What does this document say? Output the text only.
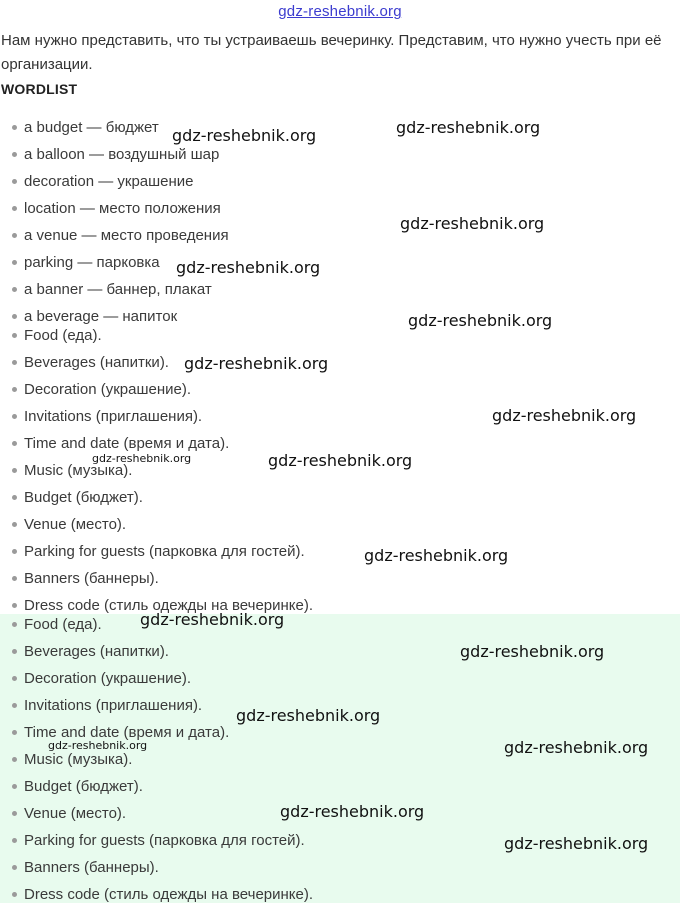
gdz-reshebnik.org
Нам нужно представить, что ты устраиваешь вечеринку. Представим, что нужно учесть при её организации.
WORDLIST
a budget — бюджет
a balloon — воздушный шар
decoration — украшение
location — место положения
a venue — место проведения
parking — парковка
a banner — баннер, плакат
a beverage — напиток
Food (еда).
Beverages (напитки).
Decoration (украшение).
Invitations (приглашения).
Time and date (время и дата).
Music (музыка).
Budget (бюджет).
Venue (место).
Parking for guests (парковка для гостей).
Banners (баннеры).
Dress code (стиль одежды на вечеринке).
Food (еда).
Beverages (напитки).
Decoration (украшение).
Invitations (приглашения).
Time and date (время и дата).
Music (музыка).
Budget (бюджет).
Venue (место).
Parking for guests (парковка для гостей).
Banners (баннеры).
Dress code (стиль одежды на вечеринке).
gdz-reshebnik.org	gdz-reshebnik.org
gdz-reshebnik.org
gdz-reshebnik.org
gdz-reshebnik.org
gdz-reshebnik.org
gdz-reshebnik.org
gdz-reshebnik.org	gdz-reshebnik.org
gdz-reshebnik.org
gdz-reshebnik.org
gdz-reshebnik.org
gdz-reshebnik.org
gdz-reshebnik.org	gdz-reshebnik.org
gdz-reshebnik.org
gdz-reshebnik.org
